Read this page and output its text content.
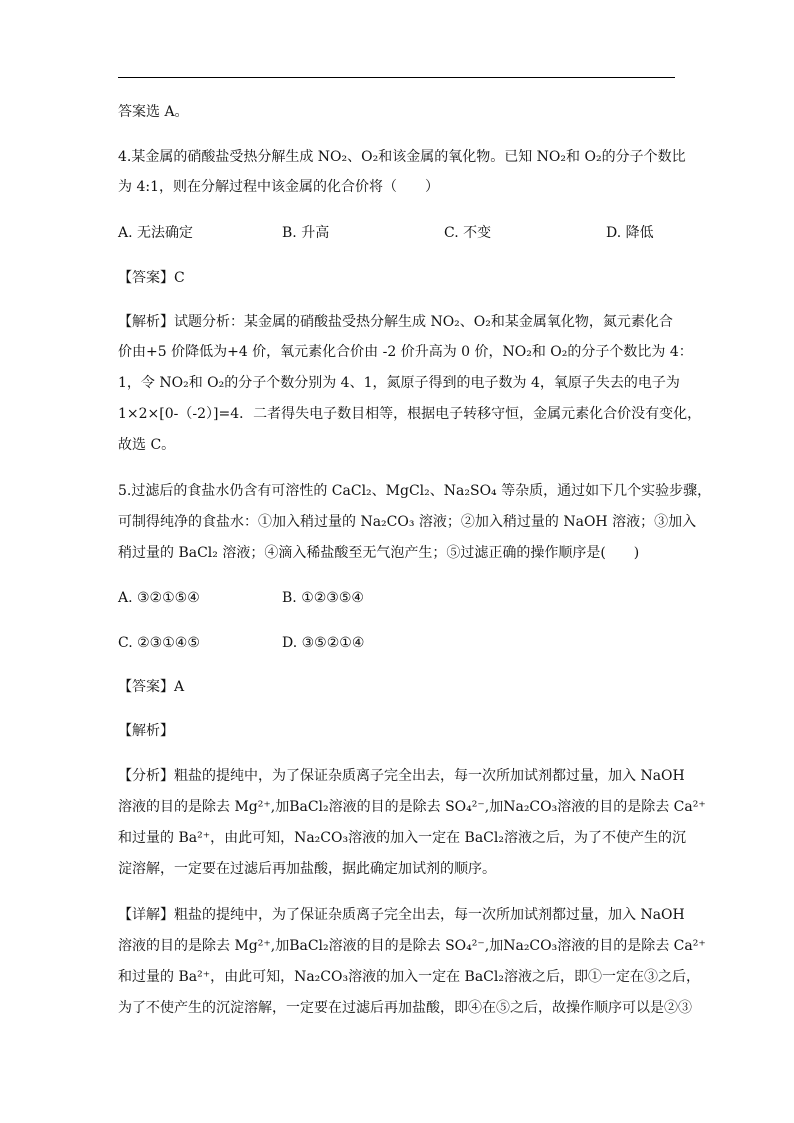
答案选 A。
4.某金属的硝酸盐受热分解生成 NO₂、O₂和该金属的氧化物。已知 NO₂和 O₂的分子个数比
为 4:1，则在分解过程中该金属的化合价将（　　）
A. 无法确定	B. 升高	C. 不变	D. 降低
【答案】C
【解析】试题分析：某金属的硝酸盐受热分解生成 NO₂、O₂和某金属氧化物，氮元素化合
价由+5 价降低为+4 价，氧元素化合价由 -2 价升高为 0 价，NO₂和 O₂的分子个数比为 4：
1，令 NO₂和 O₂的分子个数分别为 4、1，氮原子得到的电子数为 4，氧原子失去的电子为
1×2×[0-（-2）]=4．二者得失电子数目相等，根据电子转移守恒，金属元素化合价没有变化，
故选 C。
5.过滤后的食盐水仍含有可溶性的 CaCl₂、MgCl₂、Na₂SO₄ 等杂质，通过如下几个实验步骤，
可制得纯净的食盐水：①加入稍过量的 Na₂CO₃ 溶液；②加入稍过量的 NaOH 溶液；③加入
稍过量的 BaCl₂ 溶液；④滴入稀盐酸至无气泡产生；⑤过滤正确的操作顺序是(　　)
A. ③②①⑤④	B. ①②③⑤④
C. ②③①④⑤	D. ③⑤②①④
【答案】A
【解析】
【分析】粗盐的提纯中，为了保证杂质离子完全出去，每一次所加试剂都过量，加入 NaOH
溶液的目的是除去 Mg²⁺,加BaCl₂溶液的目的是除去 SO₄²⁻,加Na₂CO₃溶液的目的是除去 Ca²⁺
和过量的 Ba²⁺，由此可知，Na₂CO₃溶液的加入一定在 BaCl₂溶液之后，为了不使产生的沉
淀溶解，一定要在过滤后再加盐酸，据此确定加试剂的顺序。
【详解】粗盐的提纯中，为了保证杂质离子完全出去，每一次所加试剂都过量，加入 NaOH
溶液的目的是除去 Mg²⁺,加BaCl₂溶液的目的是除去 SO₄²⁻,加Na₂CO₃溶液的目的是除去 Ca²⁺
和过量的 Ba²⁺，由此可知，Na₂CO₃溶液的加入一定在 BaCl₂溶液之后，即①一定在③之后，
为了不使产生的沉淀溶解，一定要在过滤后再加盐酸，即④在⑤之后，故操作顺序可以是②③
